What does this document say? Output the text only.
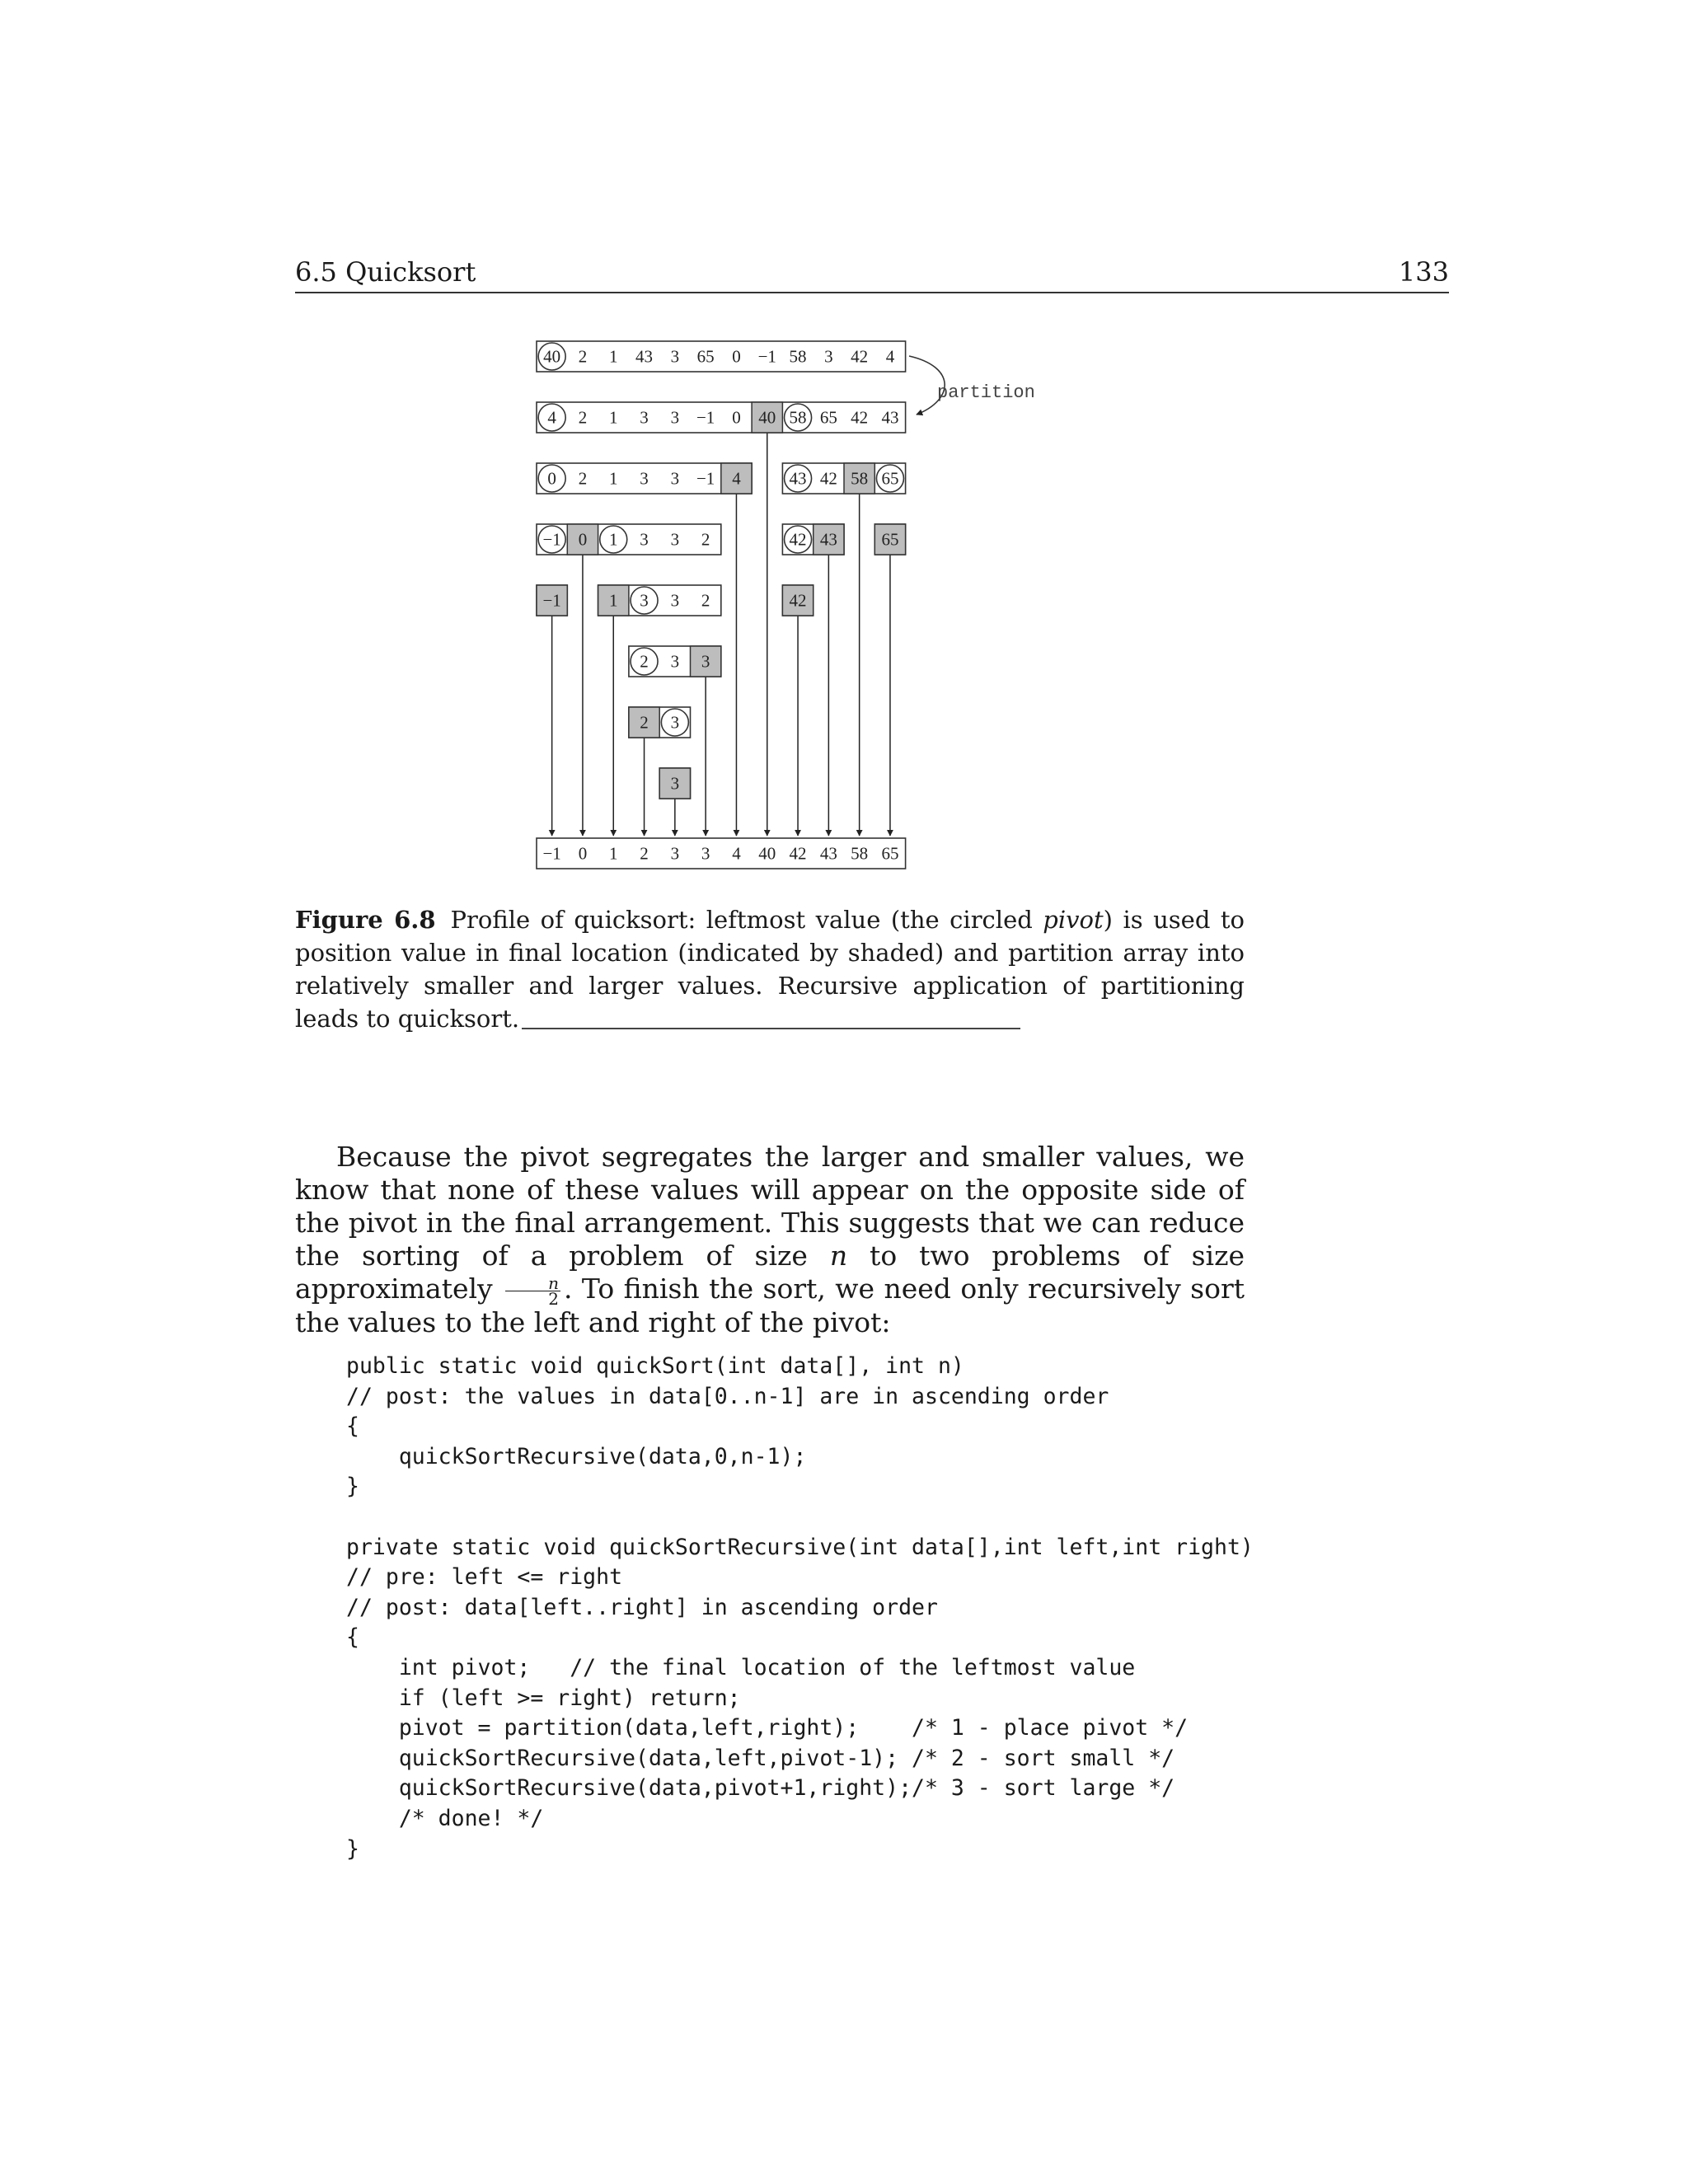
6.5 Quicksort	133
40 2 1 43 3 65 0 −1 58 3 42 4
4 2 1 3 3 −1 0 40 58 65 42 43
0 2 1 3 3 −1 4	43 42 58 65
−1 0 1 3 3 2	42 43	65
−1	1 3 3 2	42
2 3 3
2 3
3
−1 0 1 2 3 3 4 40 42 43 58 65
partition
Figure 6.8 Profile of quicksort: leftmost value (the circled pivot) is used to position value in final location (indicated by shaded) and partition array into relatively smaller and larger values. Recursive application of partitioning leads to quicksort.

Because the pivot segregates the larger and smaller values, we know that none of these values will appear on the opposite side of the pivot in the final arrangement. This suggests that we can reduce the sorting of a problem of size n to two problems of size approximately $\frac{n}{2}$ . To finish the sort, we need only recursively sort the values to the left and right of the pivot:

public static void quickSort(int data[], int n)
// post: the values in data[0..n-1] are in ascending order
{
quickSortRecursive(data,0,n-1);
}
private static void quickSortRecursive(int data[],int left,int right)
// pre: left <= right
// post: data[left..right] in ascending order
{
int pivot;   // the final location of the leftmost value
if (left >= right) return;
pivot = partition(data,left,right);    /* 1 - place pivot */
quickSortRecursive(data,left,pivot-1); /* 2 - sort small */
quickSortRecursive(data,pivot+1,right);/* 3 - sort large */
/* done! */
}
